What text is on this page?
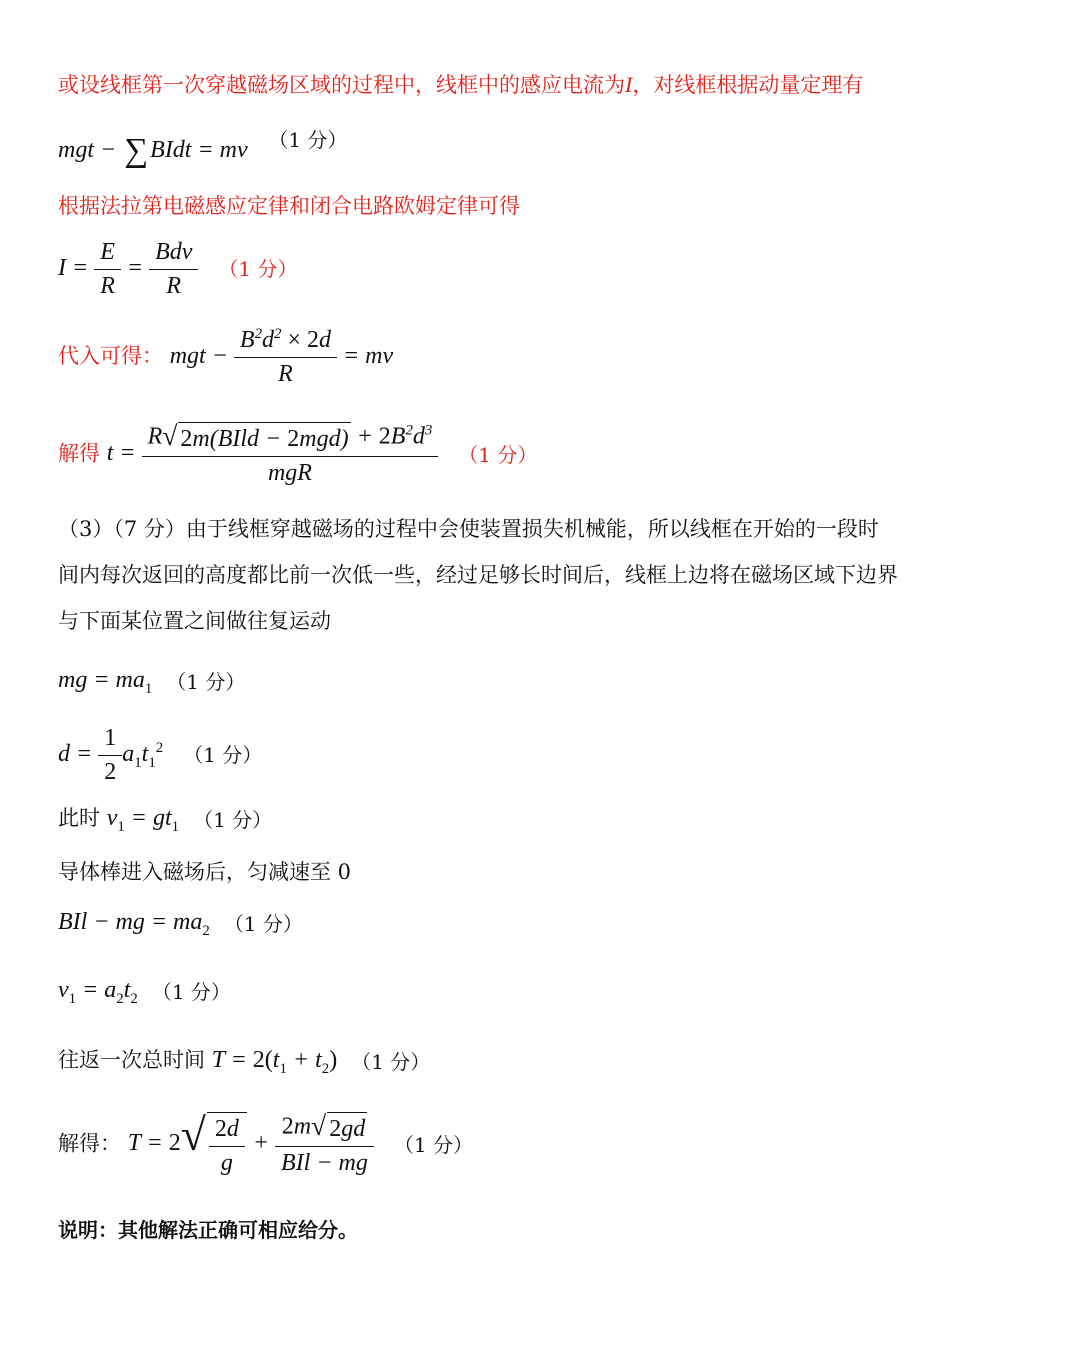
或设线框第一次穿越磁场区域的过程中，线框中的感应电流为I，对线框根据动量定理有
mgt − ∑BIdt = mv （1 分）
根据法拉第电磁感应定律和闭合电路欧姆定律可得
$I = \frac{E}{R} = \frac{\text{Bdv}}{R} (1$ 分）
代入可得： mgt − $\frac{B^2d^2 \times 2d}{R}$ = mv
解得 $t = \frac{R √ 2m(BIld - 2mgd) + 2B^2d^3}{\text{mgR}} (1$ 分）
（3）（7 分）由于线框穿越磁场的过程中会使装置损失机械能，所以线框在开始的一段时
间内每次返回的高度都比前一次低一些，经过足够长时间后，线框上边将在磁场区域下边界
与下面某位置之间做往复运动
mg = $ma_1$ （1 分）
$d = \frac{1}{2} a_1t_1^2$ （1 分）
此时 $v_1 = gt_1$ （1 分）
导体棒进入磁场后，匀减速至 0
BIl − mg = $ma_2$ （1 分）
$v_1 = a_2t_2$ （1 分）
往返一次总时间 $T = 2(t_1 + t_2)$ （1 分）
解得： T = 2 √ $\frac{2d}{g} + \frac{2m √ 2gd}{\text{BIl − mg}} (1$ 分）
说明：其他解法正确可相应给分。
